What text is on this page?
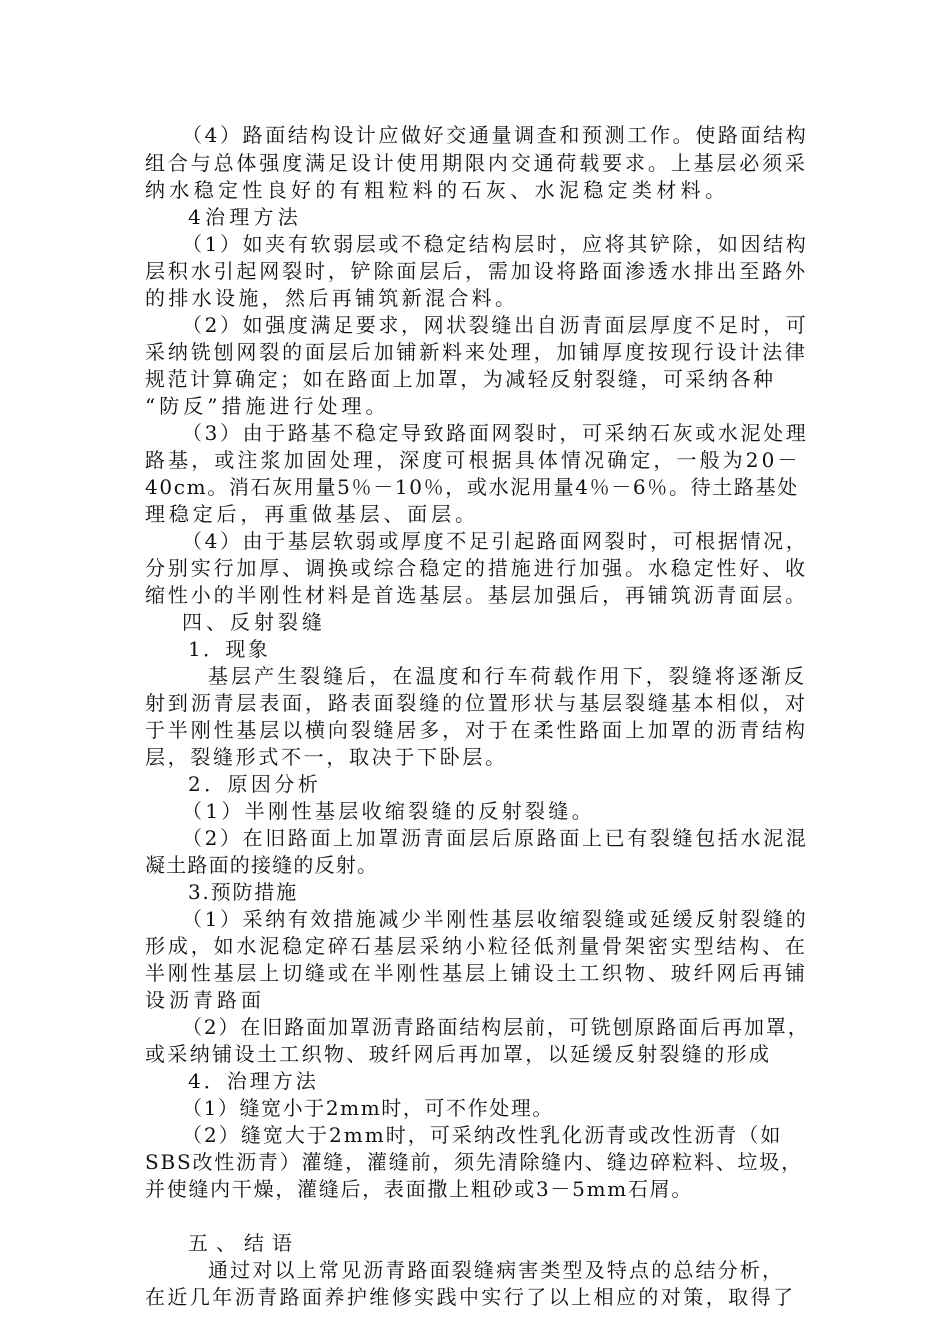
（4）路面结构设计应做好交通量调查和预测工作。使路面结构
组合与总体强度满足设计使用期限内交通荷载要求。上基层必须采
纳水稳定性良好的有粗粒料的石灰、水泥稳定类材料。
4治理方法
（1）如夹有软弱层或不稳定结构层时，应将其铲除，如因结构
层积水引起网裂时，铲除面层后，需加设将路面渗透水排出至路外
的排水设施，然后再铺筑新混合料。
（2）如强度满足要求，网状裂缝出自沥青面层厚度不足时，可
采纳铣刨网裂的面层后加铺新料来处理，加铺厚度按现行设计法律
规范计算确定；如在路面上加罩，为减轻反射裂缝，可采纳各种
“防反”措施进行处理。
（3）由于路基不稳定导致路面网裂时，可采纳石灰或水泥处理
路基，或注浆加固处理，深度可根据具体情况确定，一般为20－
40cm。消石灰用量5％－10％，或水泥用量4％－6％。待土路基处
理稳定后，再重做基层、面层。
（4）由于基层软弱或厚度不足引起路面网裂时，可根据情况，
分别实行加厚、调换或综合稳定的措施进行加强。水稳定性好、收
缩性小的半刚性材料是首选基层。基层加强后，再铺筑沥青面层。
四、反射裂缝
1．现象
基层产生裂缝后，在温度和行车荷载作用下，裂缝将逐渐反
射到沥青层表面，路表面裂缝的位置形状与基层裂缝基本相似，对
于半刚性基层以横向裂缝居多，对于在柔性路面上加罩的沥青结构
层，裂缝形式不一，取决于下卧层。
2．原因分析
（1）半刚性基层收缩裂缝的反射裂缝。
（2）在旧路面上加罩沥青面层后原路面上已有裂缝包括水泥混
凝土路面的接缝的反射。
3.预防措施
（1）采纳有效措施减少半刚性基层收缩裂缝或延缓反射裂缝的
形成，如水泥稳定碎石基层采纳小粒径低剂量骨架密实型结构、在
半刚性基层上切缝或在半刚性基层上铺设土工织物、玻纤网后再铺
设沥青路面
（2）在旧路面加罩沥青路面结构层前，可铣刨原路面后再加罩，
或采纳铺设土工织物、玻纤网后再加罩，以延缓反射裂缝的形成
4．治理方法
（1）缝宽小于2mm时，可不作处理。
（2）缝宽大于2mm时，可采纳改性乳化沥青或改性沥青（如
SBS改性沥青）灌缝，灌缝前，须先清除缝内、缝边碎粒料、垃圾，
并使缝内干燥，灌缝后，表面撒上粗砂或3－5mm石屑。
五、结语
通过对以上常见沥青路面裂缝病害类型及特点的总结分析，
在近几年沥青路面养护维修实践中实行了以上相应的对策，取得了
